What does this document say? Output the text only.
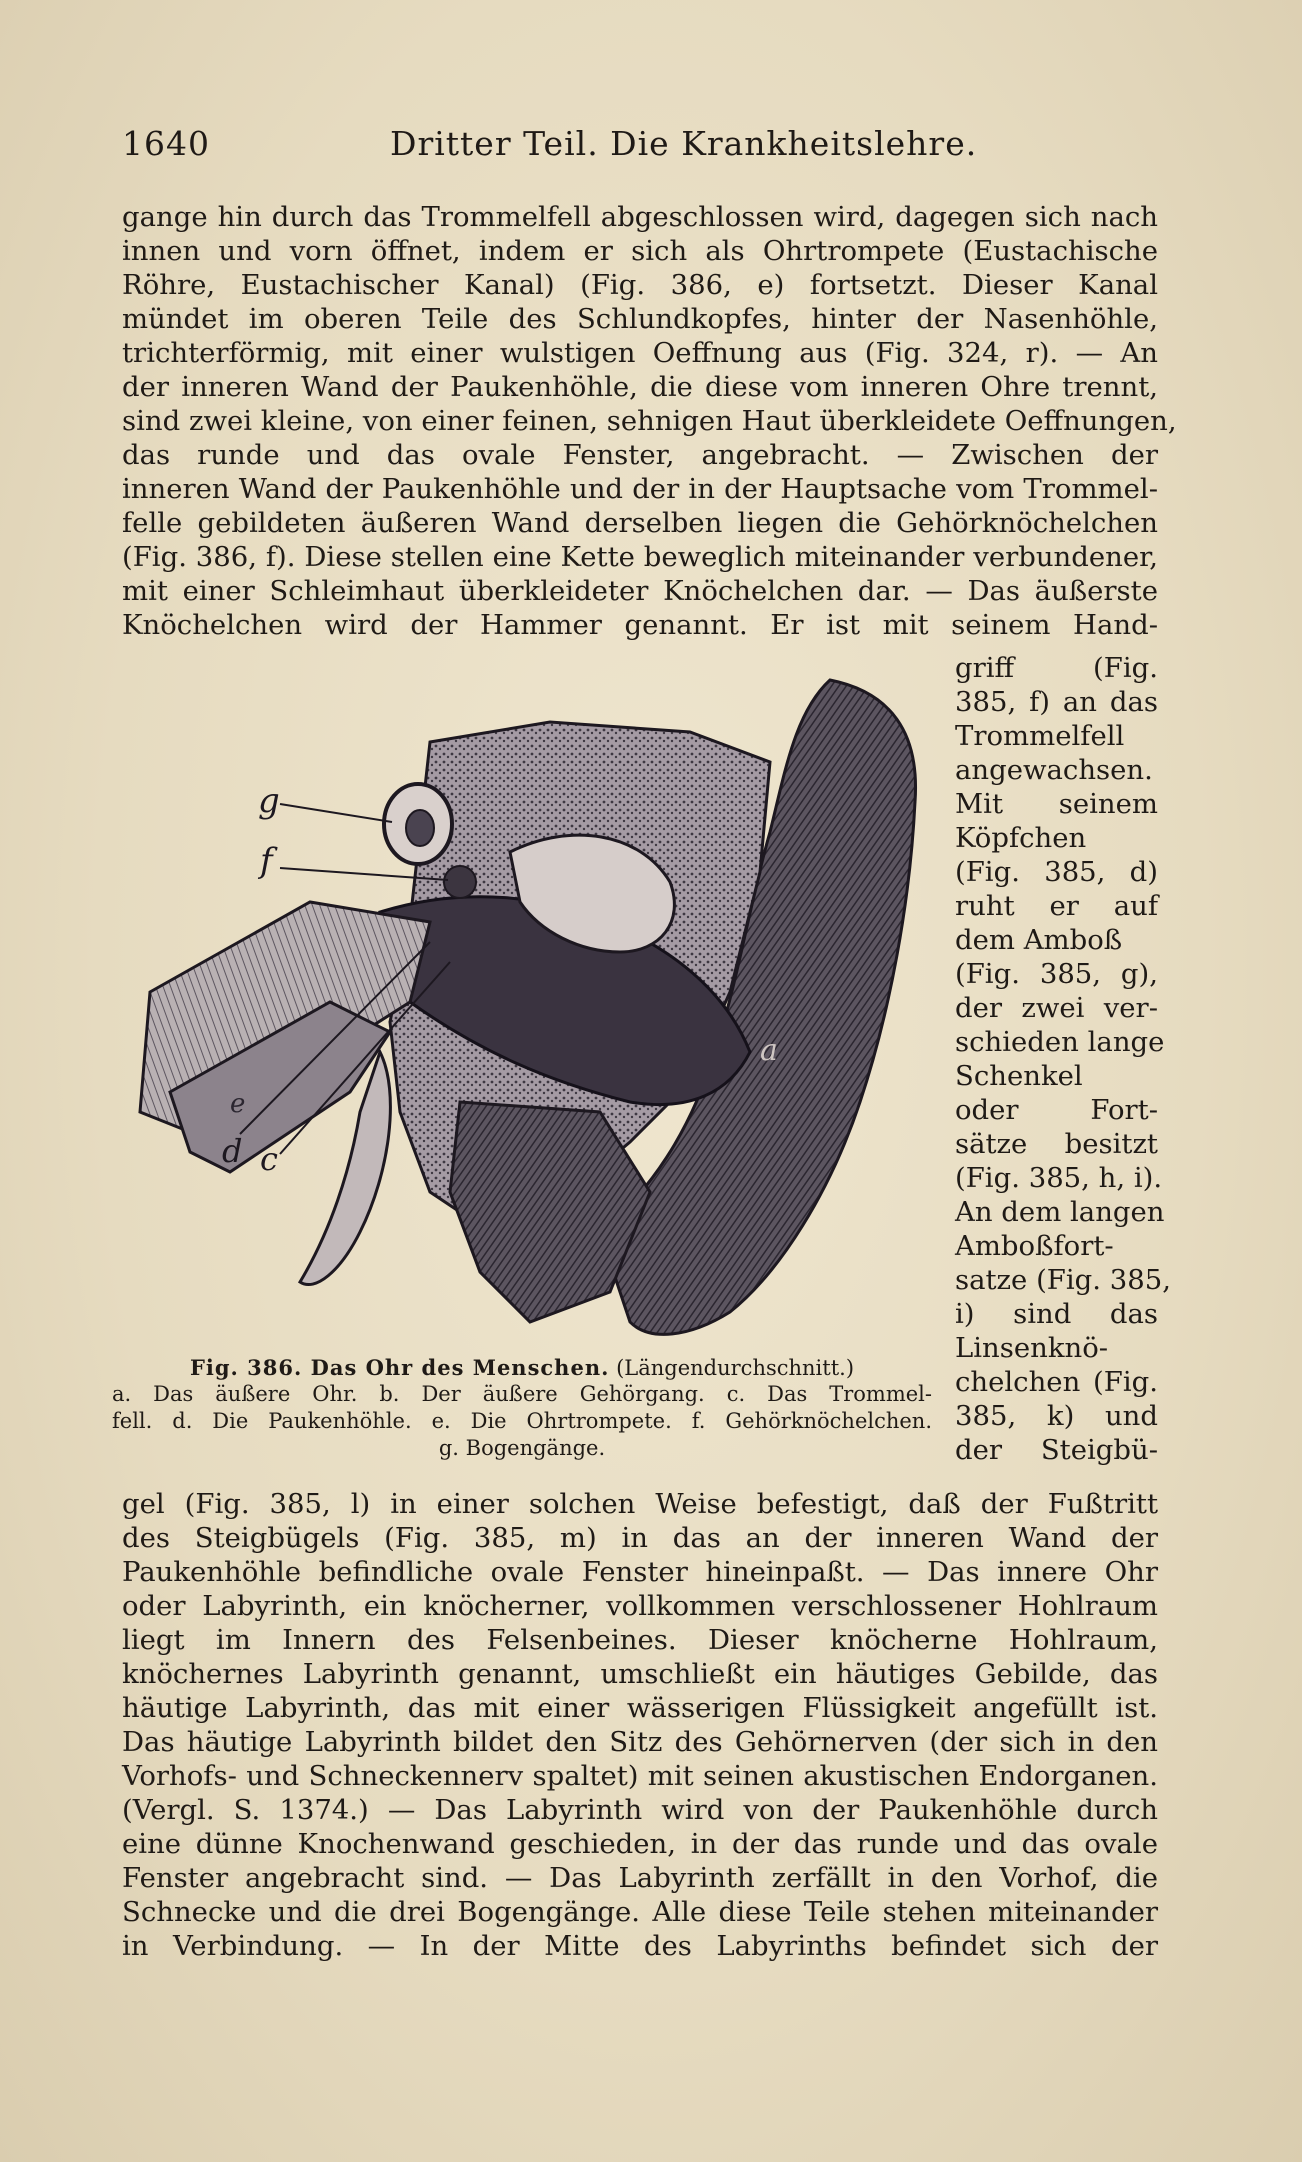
1640	Dritter Teil. Die Krankheitslehre.
gange hin durch das Trommelfell abgeschlossen wird, dagegen sich nach
innen und vorn öffnet, indem er sich als Ohrtrompete (Eustachische
Röhre, Eustachischer Kanal) (Fig. 386, e) fortsetzt. Dieser Kanal
mündet im oberen Teile des Schlundkopfes, hinter der Nasenhöhle,
trichterförmig, mit einer wulstigen Oeffnung aus (Fig. 324, r). — An
der inneren Wand der Paukenhöhle, die diese vom inneren Ohre trennt,
sind zwei kleine, von einer feinen, sehnigen Haut überkleidete Oeffnungen,
das runde und das ovale Fenster, angebracht. — Zwischen der
inneren Wand der Paukenhöhle und der in der Hauptsache vom Trommel-
felle gebildeten äußeren Wand derselben liegen die Gehörknöchelchen
(Fig. 386, f). Diese stellen eine Kette beweglich miteinander verbundener,
mit einer Schleimhaut überkleideter Knöchelchen dar. — Das äußerste
Knöchelchen wird der Hammer genannt. Er ist mit seinem Hand-
griff (Fig.
385, f) an das
Trommelfell
angewachsen.
Mit seinem
Köpfchen
(Fig. 385, d)
ruht er auf
dem Amboß
(Fig. 385, g),
der zwei ver-
schieden lange
Schenkel
oder Fort-
sätze besitzt
(Fig. 385, h, i).
An dem langen
Amboßfort-
satze (Fig. 385,
i) sind das
Linsenknö-
chelchen (Fig.
385, k) und
der Steigbü-
g
f
a
e
d c
Fig. 386. Das Ohr des Menschen. (Längendurchschnitt.)
a. Das äußere Ohr. b. Der äußere Gehörgang. c. Das Trommel-
fell. d. Die Paukenhöhle. e. Die Ohrtrompete. f. Gehörknöchelchen.
g. Bogengänge.
gel (Fig. 385, l) in einer solchen Weise befestigt, daß der Fußtritt
des Steigbügels (Fig. 385, m) in das an der inneren Wand der
Paukenhöhle befindliche ovale Fenster hineinpaßt. — Das innere Ohr
oder Labyrinth, ein knöcherner, vollkommen verschlossener Hohlraum
liegt im Innern des Felsenbeines. Dieser knöcherne Hohlraum,
knöchernes Labyrinth genannt, umschließt ein häutiges Gebilde, das
häutige Labyrinth, das mit einer wässerigen Flüssigkeit angefüllt ist.
Das häutige Labyrinth bildet den Sitz des Gehörnerven (der sich in den
Vorhofs- und Schneckennerv spaltet) mit seinen akustischen Endorganen.
(Vergl. S. 1374.) — Das Labyrinth wird von der Paukenhöhle durch
eine dünne Knochenwand geschieden, in der das runde und das ovale
Fenster angebracht sind. — Das Labyrinth zerfällt in den Vorhof, die
Schnecke und die drei Bogengänge. Alle diese Teile stehen miteinander
in Verbindung. — In der Mitte des Labyrinths befindet sich der
